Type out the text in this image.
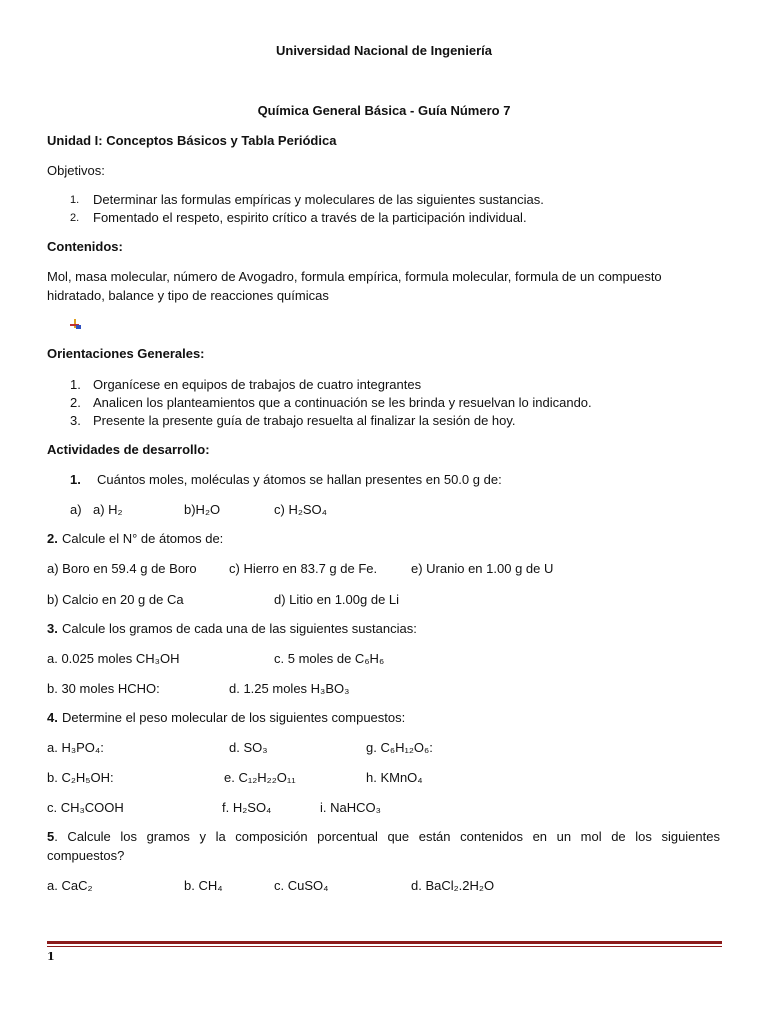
Universidad Nacional de Ingeniería
Química General Básica - Guía Número 7
Unidad I: Conceptos Básicos y Tabla Periódica
Objetivos:
1. Determinar las formulas empíricas y moleculares de las siguientes sustancias.
2. Fomentado el respeto, espirito crítico a través de la participación individual.
Contenidos:
Mol, masa molecular, número de Avogadro, formula empírica, formula molecular, formula de un compuesto
hidratado, balance y tipo de reacciones químicas
Orientaciones Generales:
1. Organícese en equipos de trabajos de cuatro integrantes
2. Analicen los planteamientos que a continuación se les brinda y resuelvan lo indicando.
3. Presente la presente guía de trabajo resuelta al finalizar la sesión de hoy.
Actividades de desarrollo:
1. Cuántos moles, moléculas y átomos se hallan presentes en 50.0 g de:
a) a) H₂	b)H₂O	c) H₂SO₄
2. Calcule el N° de átomos de:
a) Boro en 59.4 g de Boro c) Hierro en 83.7 g de Fe.	e) Uranio en 1.00 g de U
b) Calcio en 20 g de Ca	d) Litio en 1.00g de Li
3. Calcule los gramos de cada una de las siguientes sustancias:
a. 0.025 moles CH₃OH	c. 5 moles de C₆H₆
b. 30 moles HCHO:	d. 1.25 moles H₃BO₃
4. Determine el peso molecular de los siguientes compuestos:
a. H₃PO₄:	d. SO₃	g. C₆H₁₂O₆:
b. C₂H₅OH:	e. C₁₂H₂₂O₁₁	h. KMnO₄
c. CH₃COOH	f. H₂SO₄	i. NaHCO₃
5. Calcule los gramos y la composición porcentual que están contenidos en un mol de los siguientes
compuestos?
a. CaC₂	b. CH₄	c. CuSO₄	d. BaCl₂.2H₂O
1
